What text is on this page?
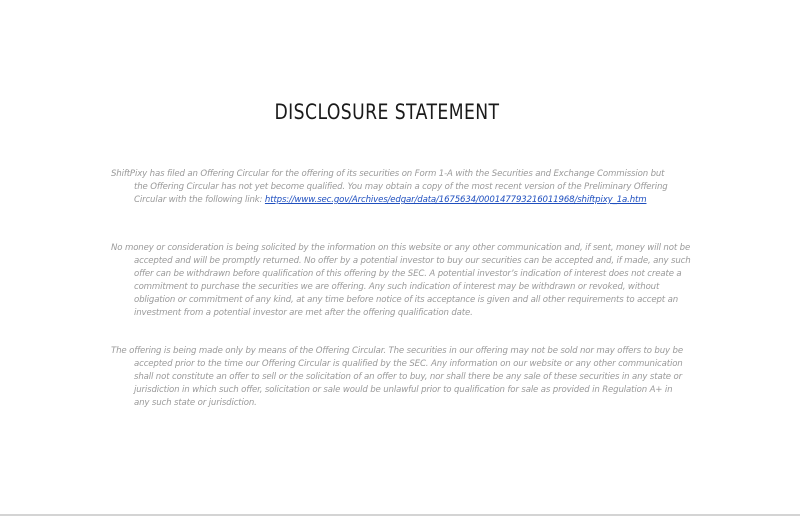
DISCLOSURE STATEMENT

ShiftPixy has filed an Offering Circular for the offering of its securities on Form 1-A with the Securities and Exchange Commission but the Offering Circular has not yet become qualified. You may obtain a copy of the most recent version of the Preliminary Offering Circular with the following link: https://www.sec.gov/Archives/edgar/data/1675634/000147793216011968/shiftpixy_1a.htm

No money or consideration is being solicited by the information on this website or any other communication and, if sent, money will not be accepted and will be promptly returned. No offer by a potential investor to buy our securities can be accepted and, if made, any such offer can be withdrawn before qualification of this offering by the SEC. A potential investor’s indication of interest does not create a commitment to purchase the securities we are offering. Any such indication of interest may be withdrawn or revoked, without obligation or commitment of any kind, at any time before notice of its acceptance is given and all other requirements to accept an investment from a potential investor are met after the offering qualification date.

The offering is being made only by means of the Offering Circular. The securities in our offering may not be sold nor may offers to buy be accepted prior to the time our Offering Circular is qualified by the SEC. Any information on our website or any other communication shall not constitute an offer to sell or the solicitation of an offer to buy, nor shall there be any sale of these securities in any state or jurisdiction in which such offer, solicitation or sale would be unlawful prior to qualification for sale as provided in Regulation A+ in any such state or jurisdiction.
